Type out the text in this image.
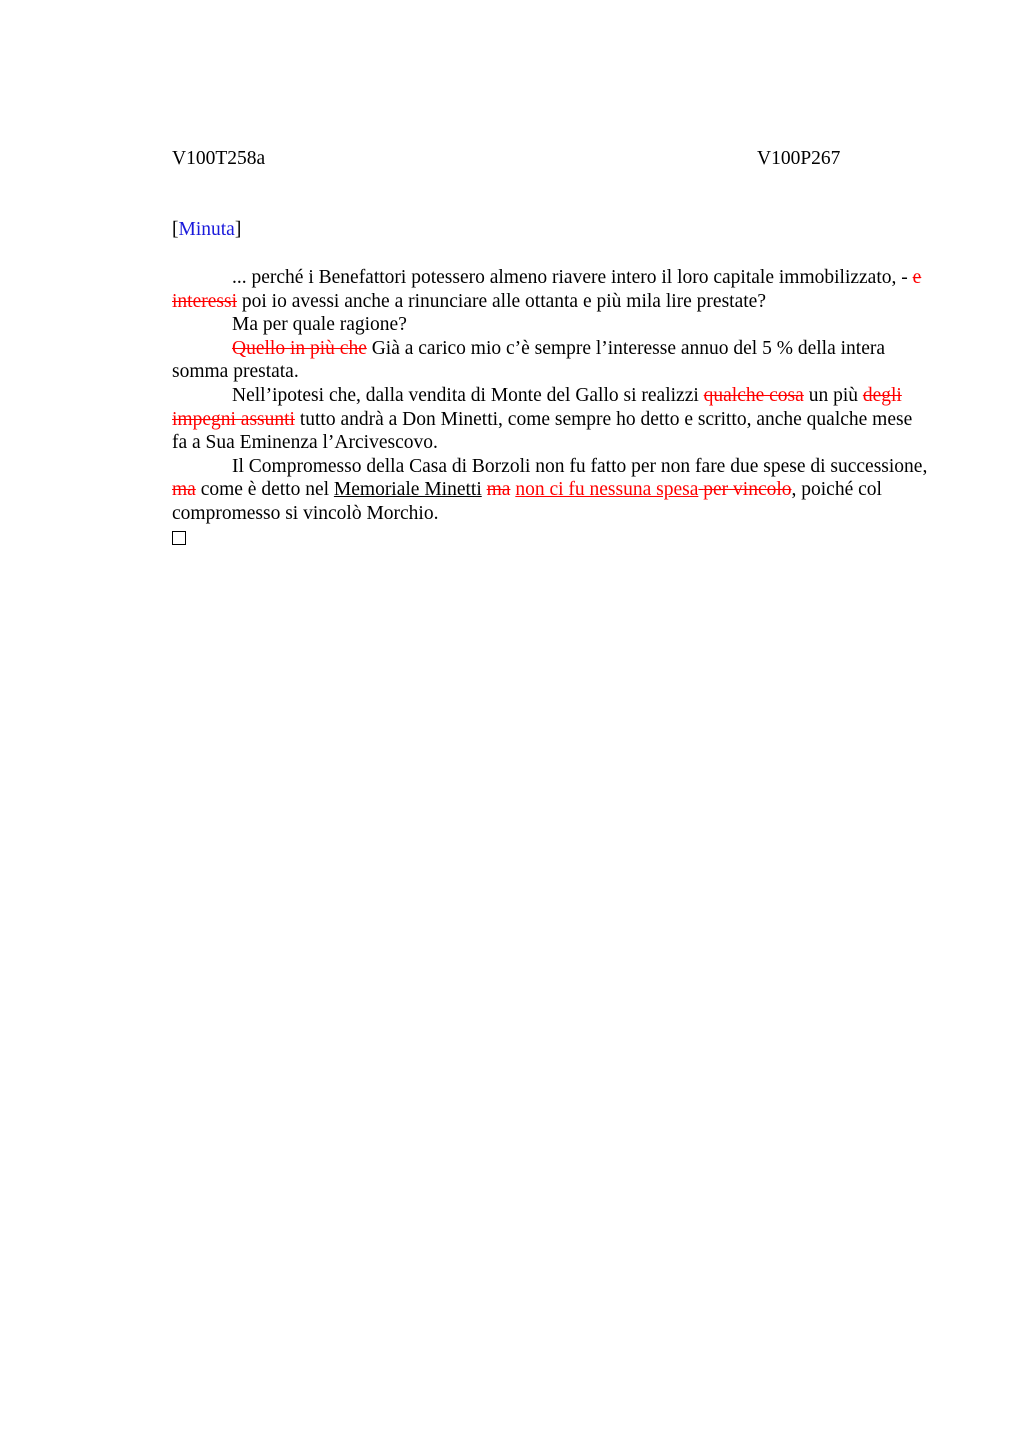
V100T258a	V100P267
[Minuta]

... perché i Benefattori potessero almeno riavere intero il loro capitale immobilizzato, - e interessi poi io avessi anche a rinunciare alle ottanta e più mila lire prestate?

Ma per quale ragione?

Quello in più che Già a carico mio c’è sempre l’interesse annuo del 5 % della intera somma prestata.

Nell’ipotesi che, dalla vendita di Monte del Gallo si realizzi qualche cosa un più degli impegni assunti tutto andrà a Don Minetti, come sempre ho detto e scritto, anche qualche mese fa a Sua Eminenza l’Arcivescovo.

Il Compromesso della Casa di Borzoli non fu fatto per non fare due spese di successione, ma come è detto nel Memoriale Minetti ma non ci fu nessuna spesa per vincolo, poiché col compromesso si vincolò Morchio.
